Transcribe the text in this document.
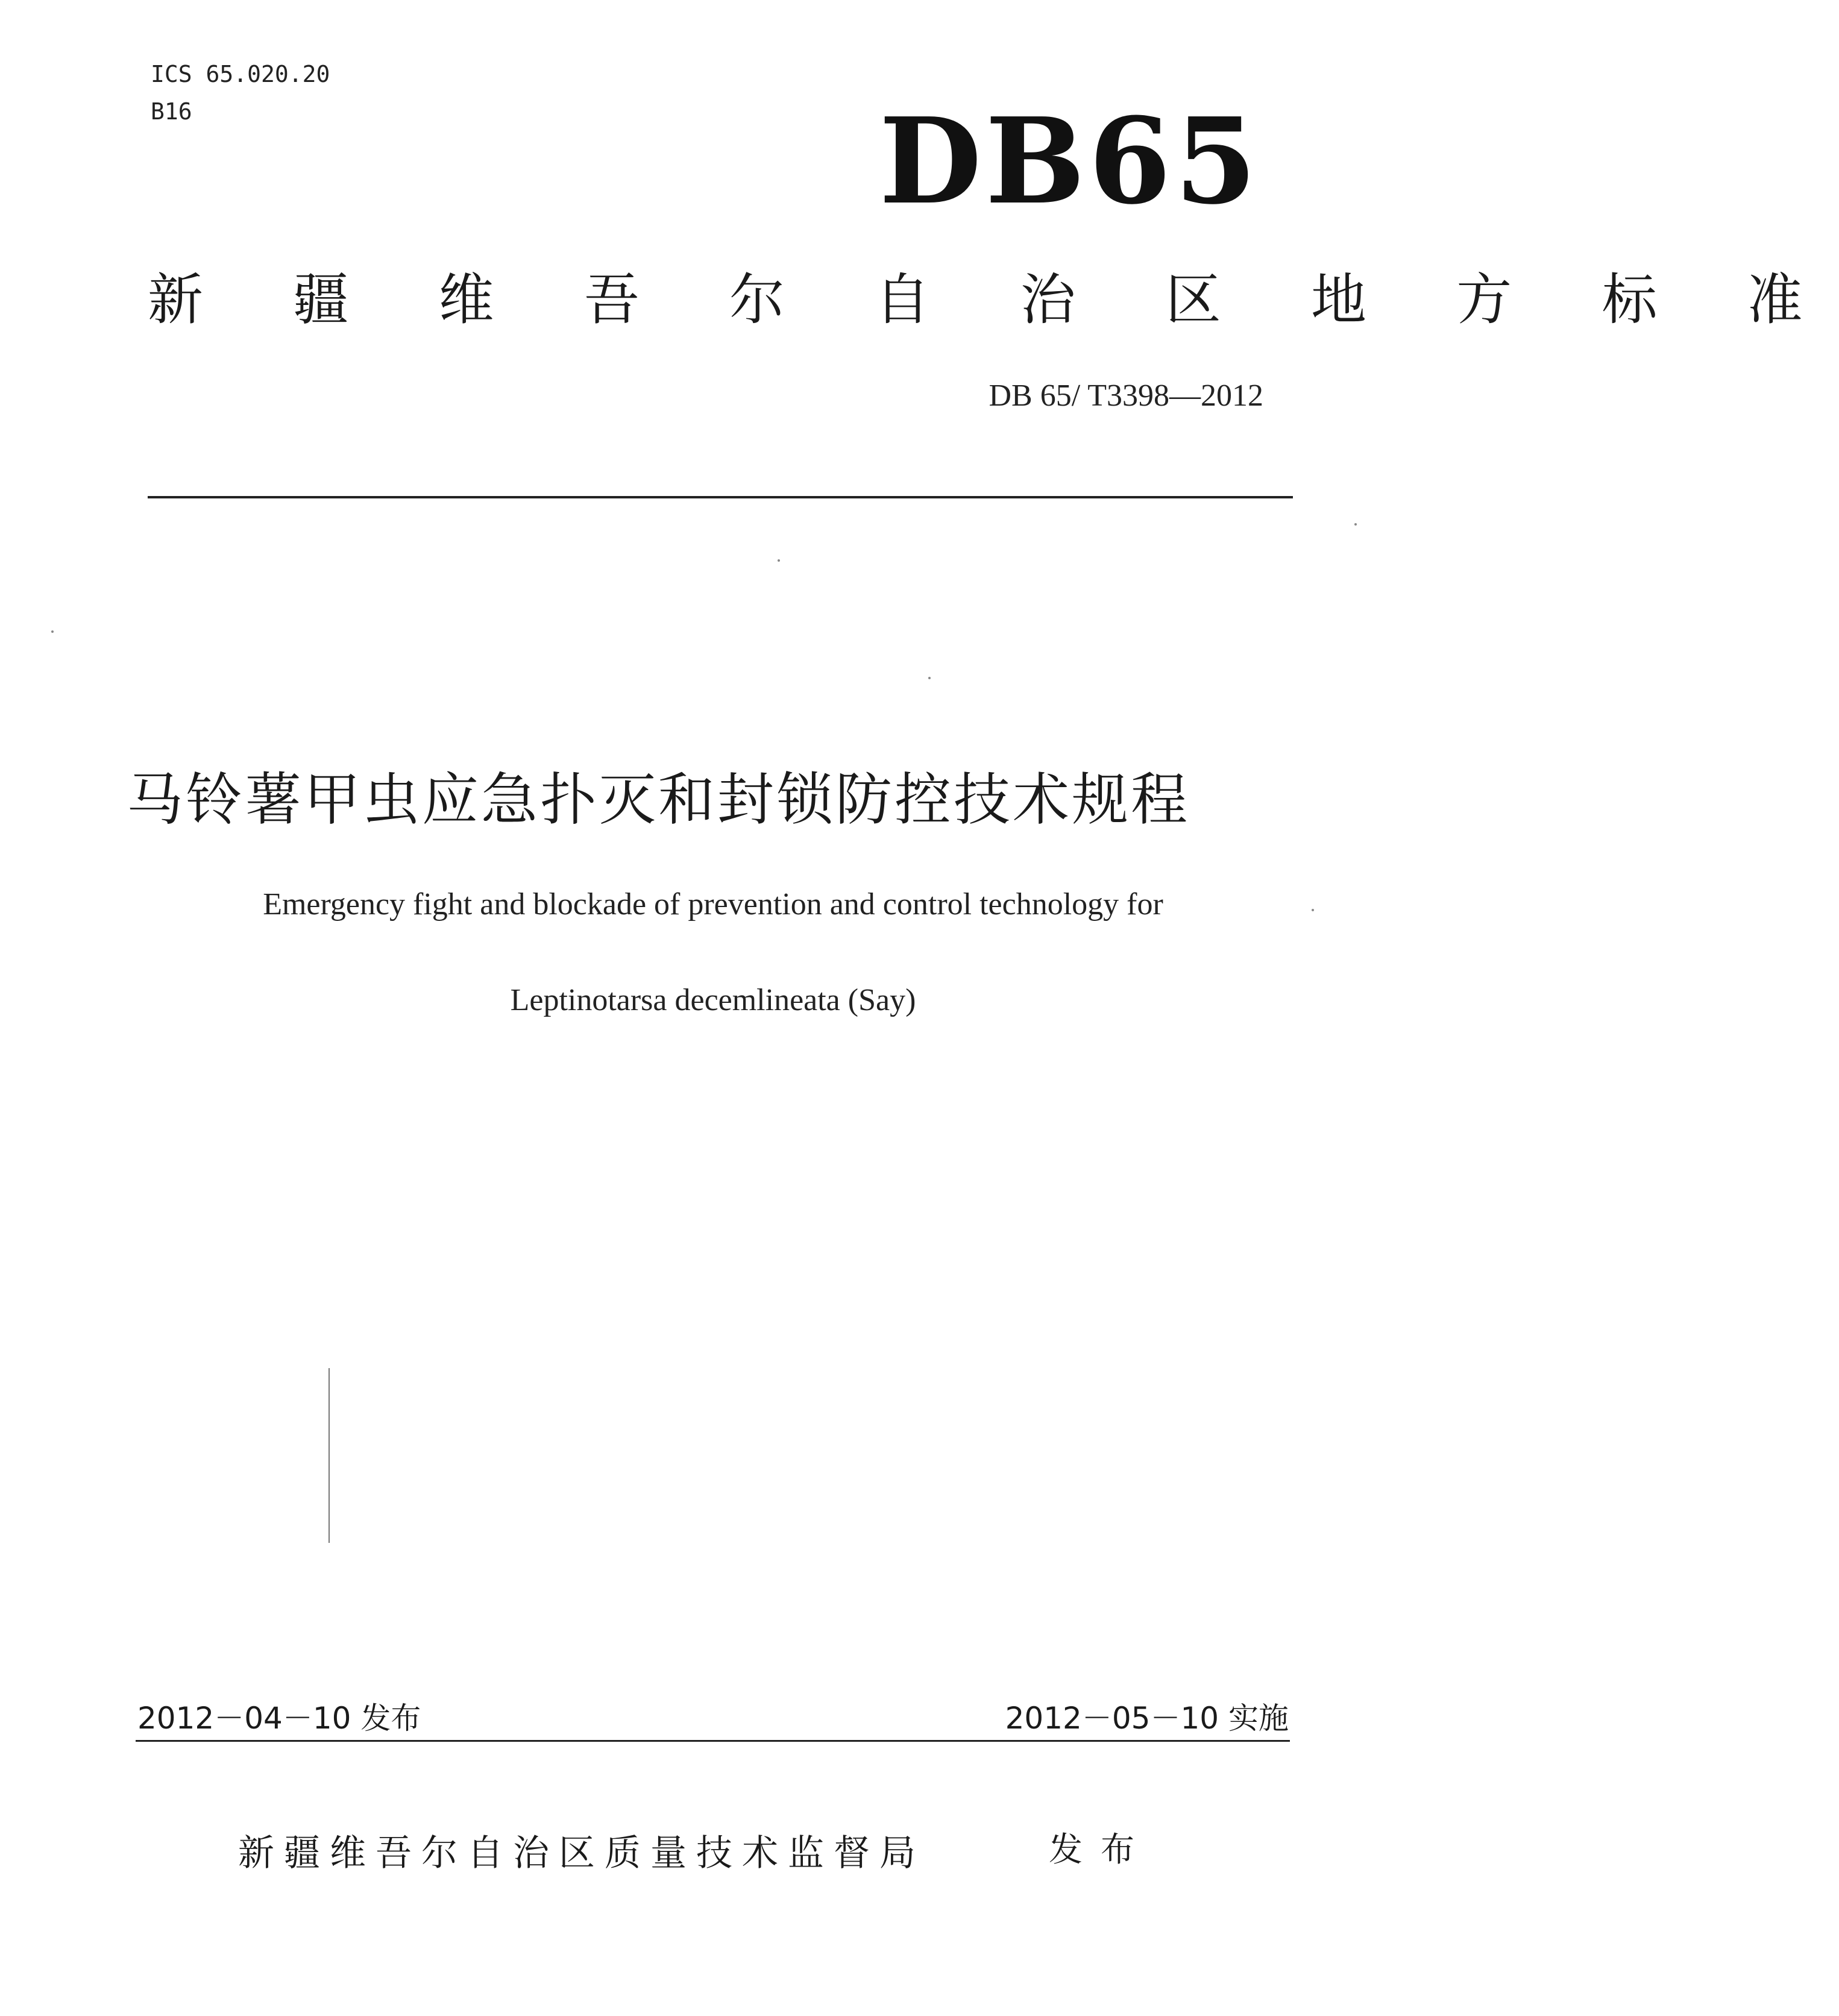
ICS 65.020.20
B16	DB65
新 疆 维 吾 尔 自 治 区 地 方 标 准
DB 65/ T3398—2012
马铃薯甲虫应急扑灭和封锁防控技术规程
Emergency fight and blockade of prevention and control technology for
Leptinotarsa decemlineata (Say)
2012－04－10 发布	2012－05－10 实施
新疆维吾尔自治区质量技术监督局	发布
